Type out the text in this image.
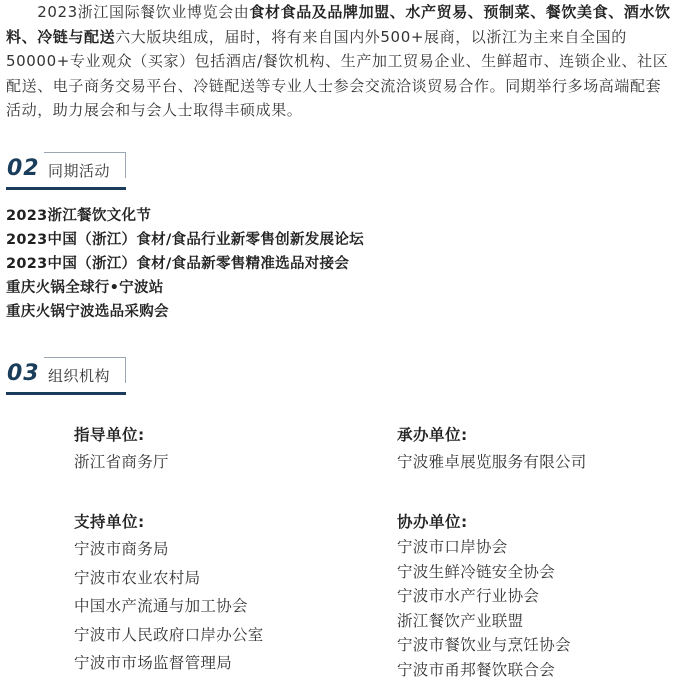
　　2023浙江国际餐饮业博览会由食材食品及品牌加盟、水产贸易、预制菜、餐饮美食、酒水饮料、冷链与配送六大版块组成，届时，将有来自国内外500+展商，以浙江为主来自全国的50000+专业观众（买家）包括酒店/餐饮机构、生产加工贸易企业、生鲜超市、连锁企业、社区配送、电子商务交易平台、冷链配送等专业人士参会交流洽谈贸易合作。同期举行多场高端配套活动，助力展会和与会人士取得丰硕成果。

02 同期活动
2023浙江餐饮文化节
2023中国（浙江）食材/食品行业新零售创新发展论坛
2023中国（浙江）食材/食品新零售精准选品对接会
重庆火锅全球行•宁波站
重庆火锅宁波选品采购会
03 组织机构
指导单位:
浙江省商务厅
承办单位:
宁波雅卓展览服务有限公司
支持单位:
宁波市商务局
宁波市农业农村局
中国水产流通与加工协会
宁波市人民政府口岸办公室
宁波市市场监督管理局
协办单位:
宁波市口岸协会
宁波生鲜冷链安全协会
宁波市水产行业协会
浙江餐饮产业联盟
宁波市餐饮业与烹饪协会
宁波市甬邦餐饮联合会
